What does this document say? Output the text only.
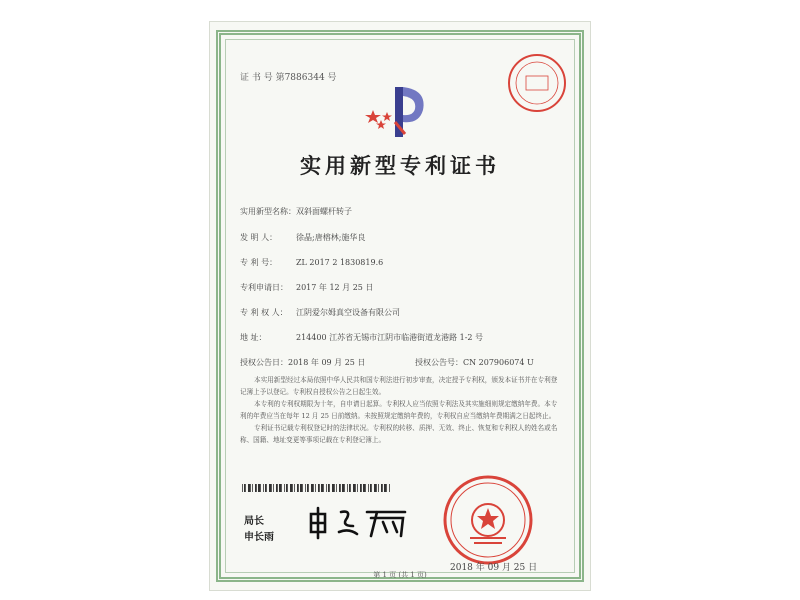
证 书 号 第7886344 号
实用新型专利证书
实用新型名称：双斜面螺杆转子
发 明 人： 徐晶;唐榕林;施华良
专 利 号： ZL 2017 2 1830819.6
专利申请日： 2017 年 12 月 25 日
专 利 权 人： 江阴爱尔姆真空设备有限公司
地 址：	214400 江苏省无锡市江阴市临港街道龙港路 1-2 号
授权公告日：2018 年 09 月 25 日	授权公告号：CN 207906074 U

本实用新型经过本局依照中华人民共和国专利法进行初步审查，决定授予专利权，颁发本证书并在专利登记簿上予以登记。专利权自授权公告之日起生效。

本专利的专利权期限为十年，自申请日起算。专利权人应当依照专利法及其实施细则规定缴纳年费。本专利的年费应当在每年 12 月 25 日前缴纳。未按照规定缴纳年费的，专利权自应当缴纳年费期满之日起终止。

专利证书记载专利权登记时的法律状况。专利权的转移、质押、无效、终止、恢复和专利权人的姓名或名称、国籍、地址变更等事项记载在专利登记簿上。

局长
申长雨
2018 年 09 月 25 日
第 1 页 (共 1 页)
